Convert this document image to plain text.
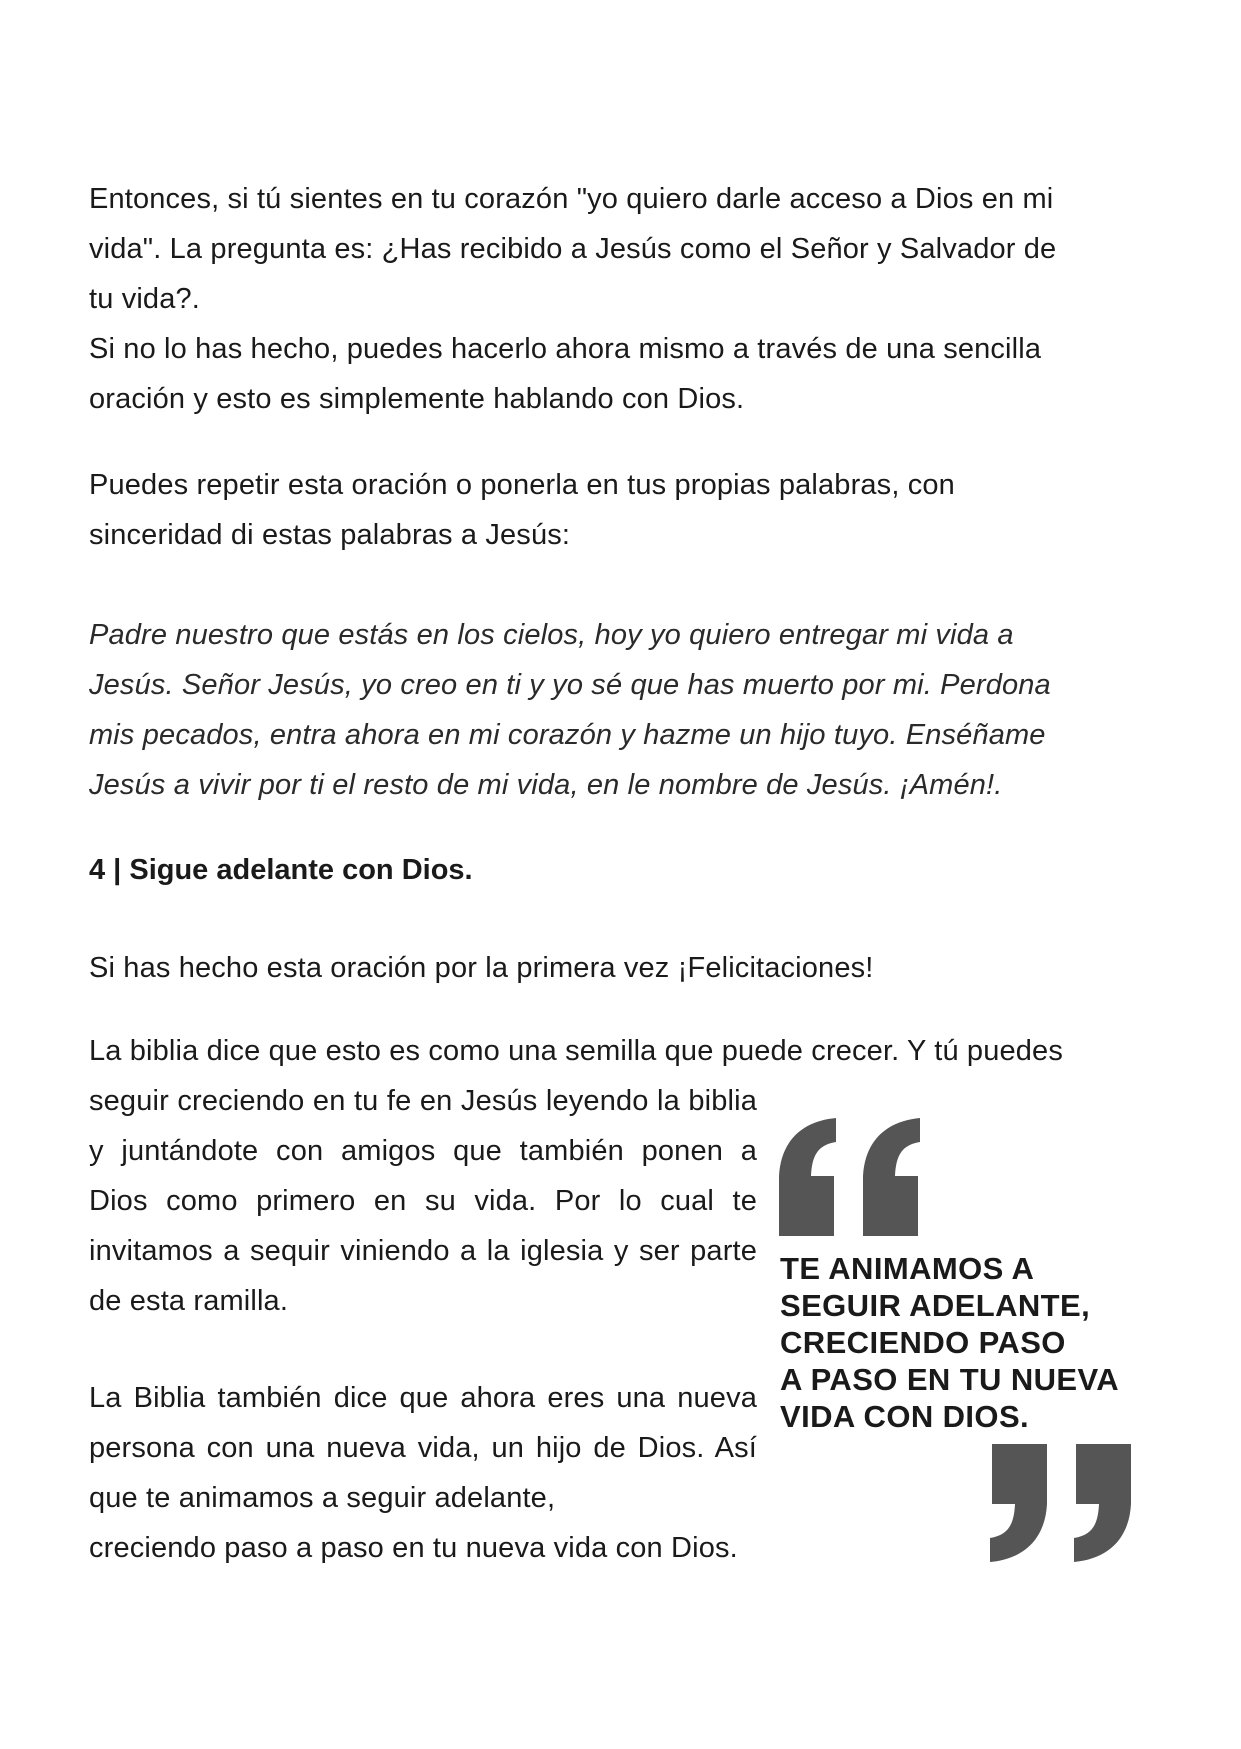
Entonces, si tú sientes en tu corazón "yo quiero darle acceso a Dios en mi
vida". La pregunta es: ¿Has recibido a Jesús como el Señor y Salvador de
tu vida?.
Si no lo has hecho, puedes hacerlo ahora mismo a través de una sencilla
oración y esto es simplemente hablando con Dios.

Puedes repetir esta oración o ponerla en tus propias palabras, con
sinceridad di estas palabras a Jesús:

Padre nuestro que estás en los cielos, hoy yo quiero entregar mi vida a
Jesús. Señor Jesús, yo creo en ti y yo sé que has muerto por mi. Perdona
mis pecados, entra ahora en mi corazón y hazme un hijo tuyo. Enséñame
Jesús a vivir por ti el resto de mi vida, en le nombre de Jesús. ¡Amén!.

4 | Sigue adelante con Dios.

Si has hecho esta oración por la primera vez ¡Felicitaciones!

La biblia dice que esto es como una semilla que puede crecer. Y tú puedes

seguir creciendo en tu fe en Jesús leyendo la biblia y juntándote con amigos que también ponen a Dios como primero en su vida. Por lo cual te invitamos a sequir viniendo a la iglesia y ser parte de esta ramilla.

La Biblia también dice que ahora eres una nueva persona con una nueva vida, un hijo de Dios. Así que te animamos a seguir adelante,
creciendo paso a paso en tu nueva vida con Dios.

TE ANIMAMOS A
SEGUIR ADELANTE,
CRECIENDO PASO
A PASO EN TU NUEVA
VIDA CON DIOS.
